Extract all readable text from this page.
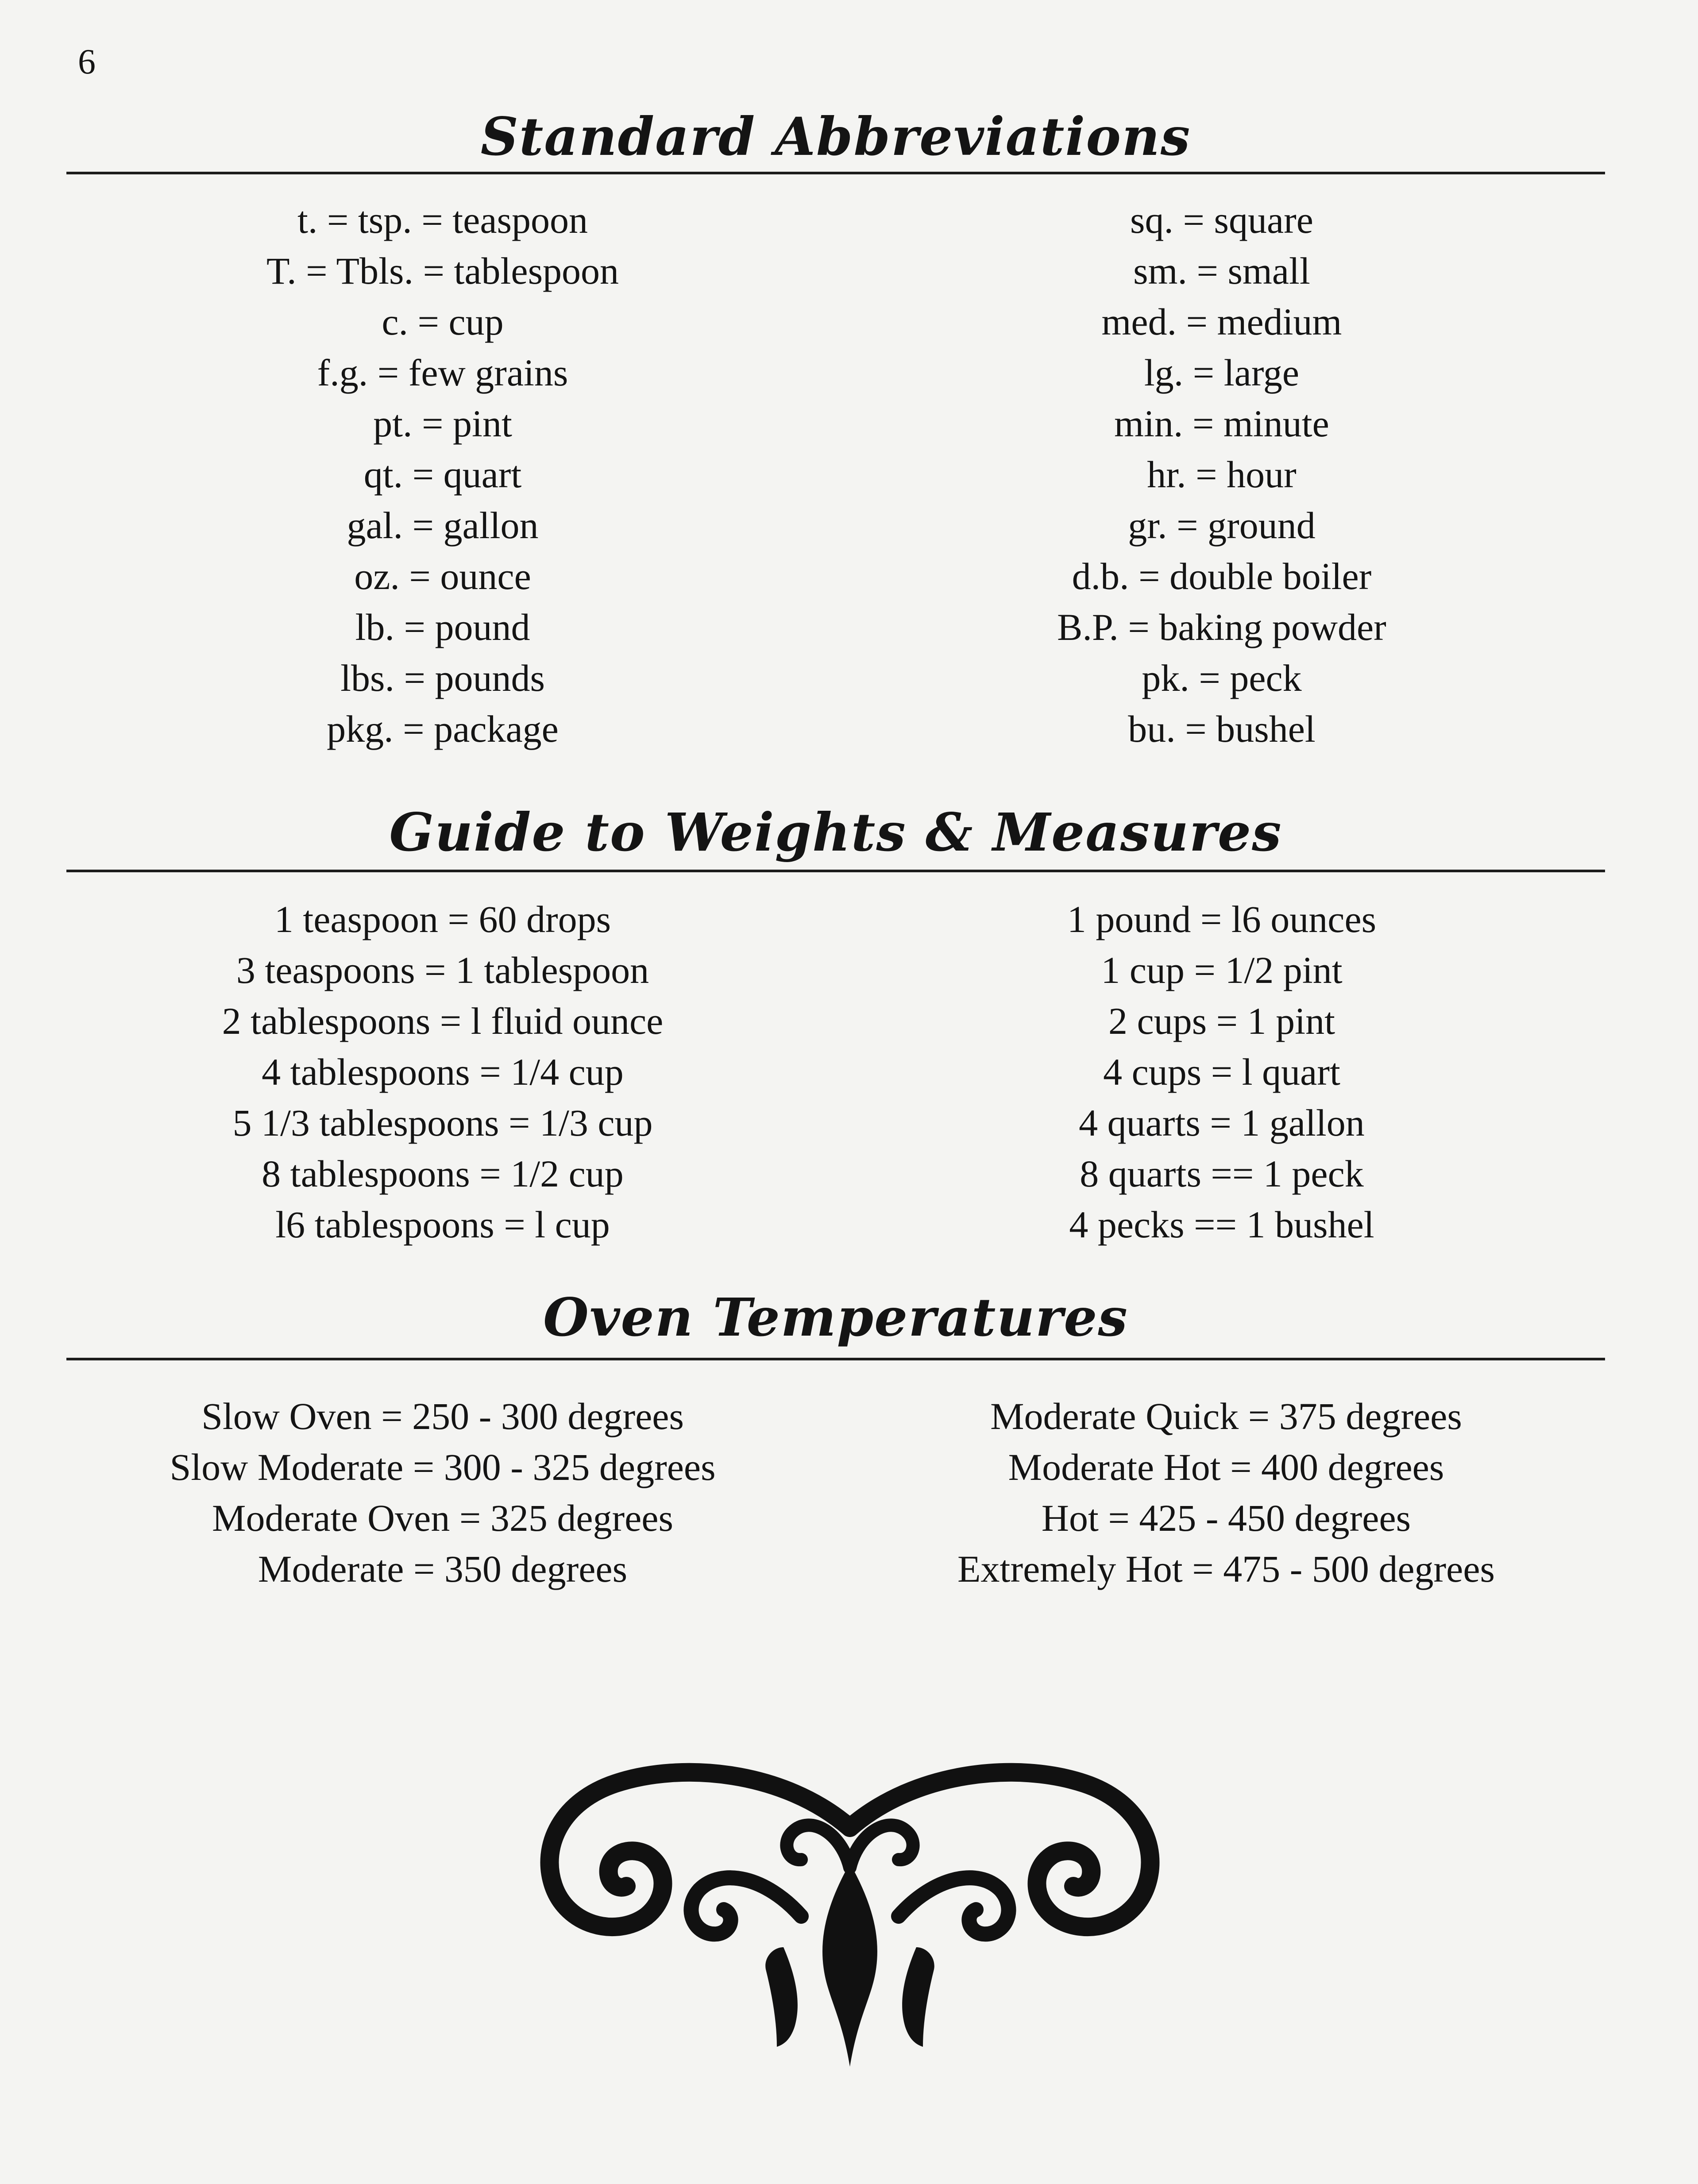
6
Standard Abbreviations
t. = tsp. = teaspoon
T. = Tbls. = tablespoon
c. = cup
f.g. = few grains
pt. = pint
qt. = quart
gal. = gallon
oz. = ounce
lb. = pound
lbs. = pounds
pkg. = package
sq. = square
sm. = small
med. = medium
lg. = large
min. = minute
hr. = hour
gr. = ground
d.b. = double boiler
B.P. = baking powder
pk. = peck
bu. = bushel
Guide to Weights & Measures
1 teaspoon = 60 drops
3 teaspoons = 1 tablespoon
2 tablespoons = l fluid ounce
4 tablespoons = 1/4 cup
5 1/3 tablespoons = 1/3 cup
8 tablespoons = 1/2 cup
l6 tablespoons = l cup
1 pound = l6 ounces
1 cup = 1/2 pint
2 cups = 1 pint
4 cups = l quart
4 quarts = 1 gallon
8 quarts == 1 peck
4 pecks == 1 bushel
Oven Temperatures
Slow Oven = 250 - 300 degrees
Slow Moderate = 300 - 325 degrees
Moderate Oven = 325 degrees
Moderate = 350 degrees
Moderate Quick = 375 degrees
Moderate Hot = 400 degrees
Hot = 425 - 450 degrees
Extremely Hot = 475 - 500 degrees
